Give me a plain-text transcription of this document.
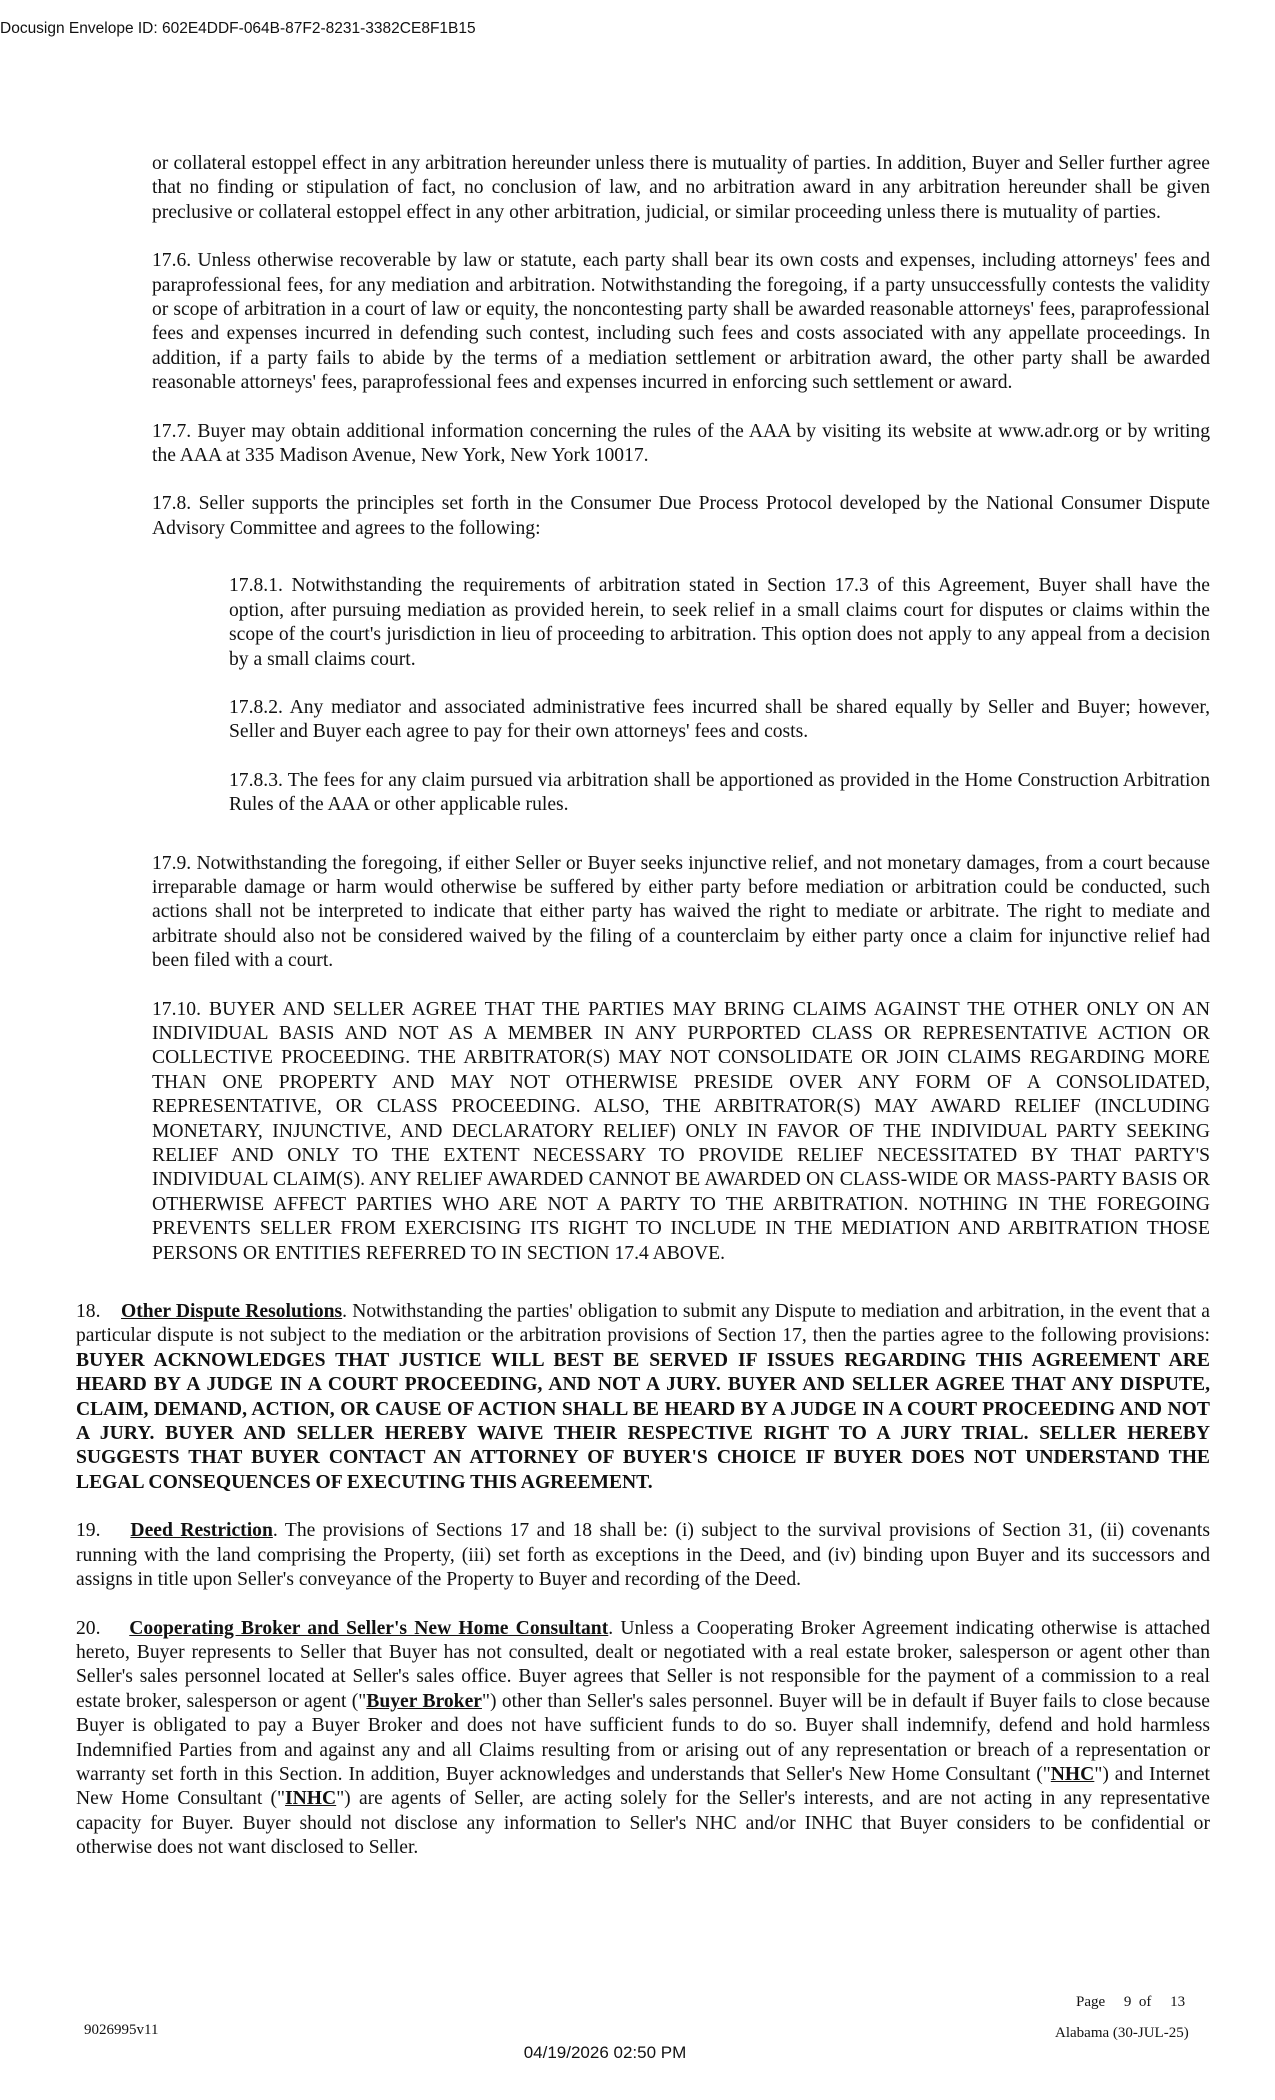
Docusign Envelope ID: 602E4DDF-064B-87F2-8231-3382CE8F1B15

or collateral estoppel effect in any arbitration hereunder unless there is mutuality of parties. In addition, Buyer and Seller further agree that no finding or stipulation of fact, no conclusion of law, and no arbitration award in any arbitration hereunder shall be given preclusive or collateral estoppel effect in any other arbitration, judicial, or similar proceeding unless there is mutuality of parties.

17.6. Unless otherwise recoverable by law or statute, each party shall bear its own costs and expenses, including attorneys' fees and paraprofessional fees, for any mediation and arbitration. Notwithstanding the foregoing, if a party unsuccessfully contests the validity or scope of arbitration in a court of law or equity, the noncontesting party shall be awarded reasonable attorneys' fees, paraprofessional fees and expenses incurred in defending such contest, including such fees and costs associated with any appellate proceedings. In addition, if a party fails to abide by the terms of a mediation settlement or arbitration award, the other party shall be awarded reasonable attorneys' fees, paraprofessional fees and expenses incurred in enforcing such settlement or award.

17.7. Buyer may obtain additional information concerning the rules of the AAA by visiting its website at www.adr.org or by writing the AAA at 335 Madison Avenue, New York, New York 10017.

17.8. Seller supports the principles set forth in the Consumer Due Process Protocol developed by the National Consumer Dispute Advisory Committee and agrees to the following:

17.8.1. Notwithstanding the requirements of arbitration stated in Section 17.3 of this Agreement, Buyer shall have the option, after pursuing mediation as provided herein, to seek relief in a small claims court for disputes or claims within the scope of the court's jurisdiction in lieu of proceeding to arbitration. This option does not apply to any appeal from a decision by a small claims court.

17.8.2. Any mediator and associated administrative fees incurred shall be shared equally by Seller and Buyer; however, Seller and Buyer each agree to pay for their own attorneys' fees and costs.

17.8.3. The fees for any claim pursued via arbitration shall be apportioned as provided in the Home Construction Arbitration Rules of the AAA or other applicable rules.

17.9. Notwithstanding the foregoing, if either Seller or Buyer seeks injunctive relief, and not monetary damages, from a court because irreparable damage or harm would otherwise be suffered by either party before mediation or arbitration could be conducted, such actions shall not be interpreted to indicate that either party has waived the right to mediate or arbitrate. The right to mediate and arbitrate should also not be considered waived by the filing of a counterclaim by either party once a claim for injunctive relief had been filed with a court.

17.10. BUYER AND SELLER AGREE THAT THE PARTIES MAY BRING CLAIMS AGAINST THE OTHER ONLY ON AN INDIVIDUAL BASIS AND NOT AS A MEMBER IN ANY PURPORTED CLASS OR REPRESENTATIVE ACTION OR COLLECTIVE PROCEEDING. THE ARBITRATOR(S) MAY NOT CONSOLIDATE OR JOIN CLAIMS REGARDING MORE THAN ONE PROPERTY AND MAY NOT OTHERWISE PRESIDE OVER ANY FORM OF A CONSOLIDATED, REPRESENTATIVE, OR CLASS PROCEEDING. ALSO, THE ARBITRATOR(S) MAY AWARD RELIEF (INCLUDING MONETARY, INJUNCTIVE, AND DECLARATORY RELIEF) ONLY IN FAVOR OF THE INDIVIDUAL PARTY SEEKING RELIEF AND ONLY TO THE EXTENT NECESSARY TO PROVIDE RELIEF NECESSITATED BY THAT PARTY'S INDIVIDUAL CLAIM(S). ANY RELIEF AWARDED CANNOT BE AWARDED ON CLASS-WIDE OR MASS-PARTY BASIS OR OTHERWISE AFFECT PARTIES WHO ARE NOT A PARTY TO THE ARBITRATION. NOTHING IN THE FOREGOING PREVENTS SELLER FROM EXERCISING ITS RIGHT TO INCLUDE IN THE MEDIATION AND ARBITRATION THOSE PERSONS OR ENTITIES REFERRED TO IN SECTION 17.4 ABOVE.

18. Other Dispute Resolutions. Notwithstanding the parties' obligation to submit any Dispute to mediation and arbitration, in the event that a particular dispute is not subject to the mediation or the arbitration provisions of Section 17, then the parties agree to the following provisions: BUYER ACKNOWLEDGES THAT JUSTICE WILL BEST BE SERVED IF ISSUES REGARDING THIS AGREEMENT ARE HEARD BY A JUDGE IN A COURT PROCEEDING, AND NOT A JURY. BUYER AND SELLER AGREE THAT ANY DISPUTE, CLAIM, DEMAND, ACTION, OR CAUSE OF ACTION SHALL BE HEARD BY A JUDGE IN A COURT PROCEEDING AND NOT A JURY. BUYER AND SELLER HEREBY WAIVE THEIR RESPECTIVE RIGHT TO A JURY TRIAL. SELLER HEREBY SUGGESTS THAT BUYER CONTACT AN ATTORNEY OF BUYER'S CHOICE IF BUYER DOES NOT UNDERSTAND THE LEGAL CONSEQUENCES OF EXECUTING THIS AGREEMENT.

19. Deed Restriction. The provisions of Sections 17 and 18 shall be: (i) subject to the survival provisions of Section 31, (ii) covenants running with the land comprising the Property, (iii) set forth as exceptions in the Deed, and (iv) binding upon Buyer and its successors and assigns in title upon Seller's conveyance of the Property to Buyer and recording of the Deed.

20. Cooperating Broker and Seller's New Home Consultant. Unless a Cooperating Broker Agreement indicating otherwise is attached hereto, Buyer represents to Seller that Buyer has not consulted, dealt or negotiated with a real estate broker, salesperson or agent other than Seller's sales personnel located at Seller's sales office. Buyer agrees that Seller is not responsible for the payment of a commission to a real estate broker, salesperson or agent ("Buyer Broker") other than Seller's sales personnel. Buyer will be in default if Buyer fails to close because Buyer is obligated to pay a Buyer Broker and does not have sufficient funds to do so. Buyer shall indemnify, defend and hold harmless Indemnified Parties from and against any and all Claims resulting from or arising out of any representation or breach of a representation or warranty set forth in this Section. In addition, Buyer acknowledges and understands that Seller's New Home Consultant ("NHC") and Internet New Home Consultant ("INHC") are agents of Seller, are acting solely for the Seller's interests, and are not acting in any representative capacity for Buyer. Buyer should not disclose any information to Seller's NHC and/or INHC that Buyer considers to be confidential or otherwise does not want disclosed to Seller.

Page 9 of 13
9026995v11	Alabama (30-JUL-25)
04/19/2026 02:50 PM
